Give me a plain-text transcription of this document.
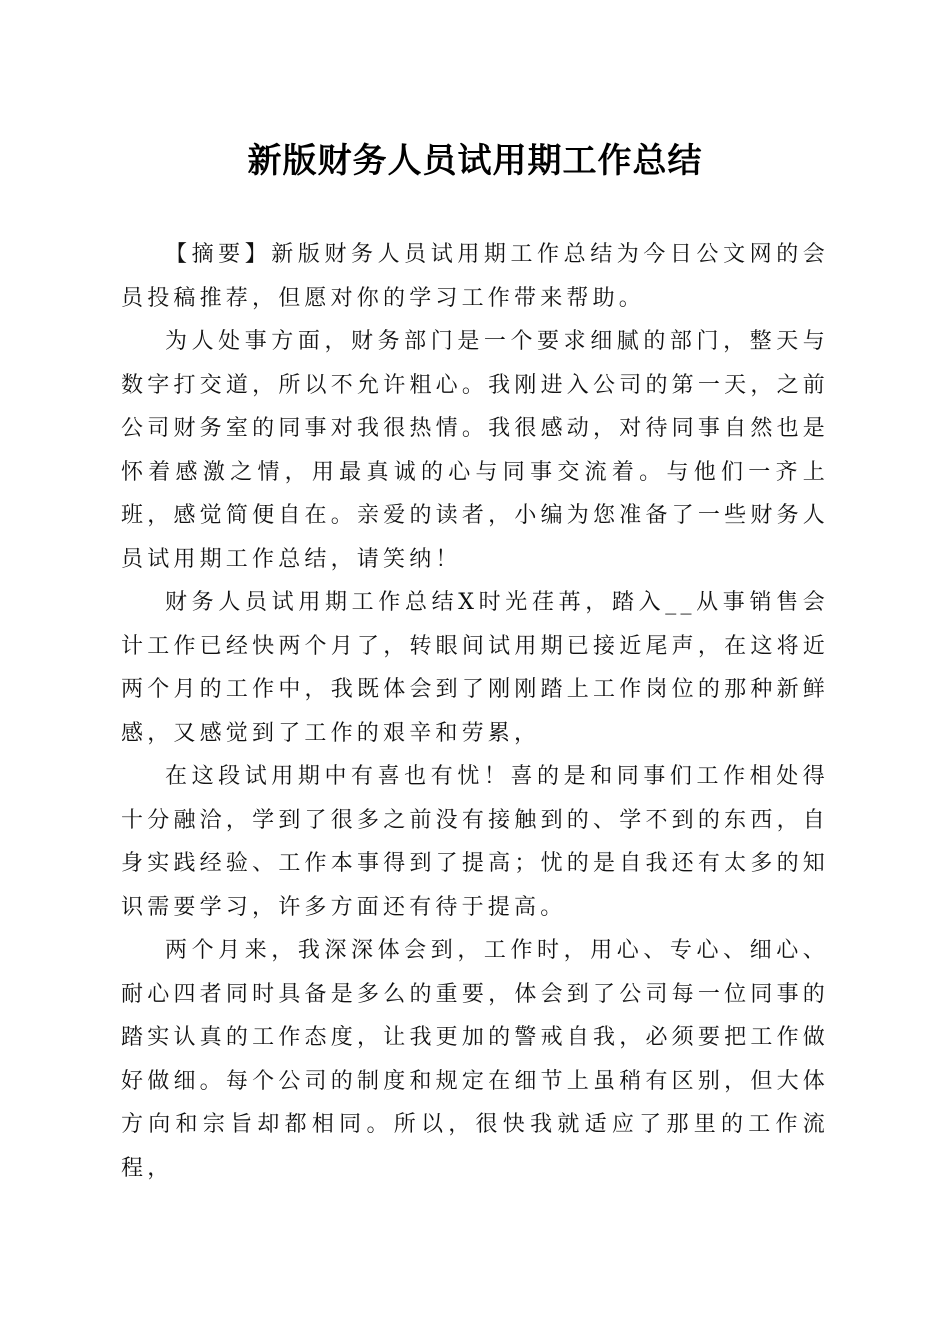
新版财务人员试用期工作总结

【摘要】新版财务人员试用期工作总结为今日公文网的会员投稿推荐，但愿对你的学习工作带来帮助。

为人处事方面，财务部门是一个要求细腻的部门，整天与数字打交道，所以不允许粗心。我刚进入公司的第一天，之前公司财务室的同事对我很热情。我很感动，对待同事自然也是怀着感激之情，用最真诚的心与同事交流着。与他们一齐上班，感觉简便自在。亲爱的读者，小编为您准备了一些财务人员试用期工作总结，请笑纳！

财务人员试用期工作总结X时光荏苒，踏入__从事销售会计工作已经快两个月了，转眼间试用期已接近尾声，在这将近两个月的工作中，我既体会到了刚刚踏上工作岗位的那种新鲜感，又感觉到了工作的艰辛和劳累，

在这段试用期中有喜也有忧！喜的是和同事们工作相处得十分融洽，学到了很多之前没有接触到的、学不到的东西，自身实践经验、工作本事得到了提高；忧的是自我还有太多的知识需要学习，许多方面还有待于提高。

两个月来，我深深体会到，工作时，用心、专心、细心、耐心四者同时具备是多么的重要，体会到了公司每一位同事的踏实认真的工作态度，让我更加的警戒自我，必须要把工作做好做细。每个公司的制度和规定在细节上虽稍有区别，但大体方向和宗旨却都相同。所以，很快我就适应了那里的工作流程，
